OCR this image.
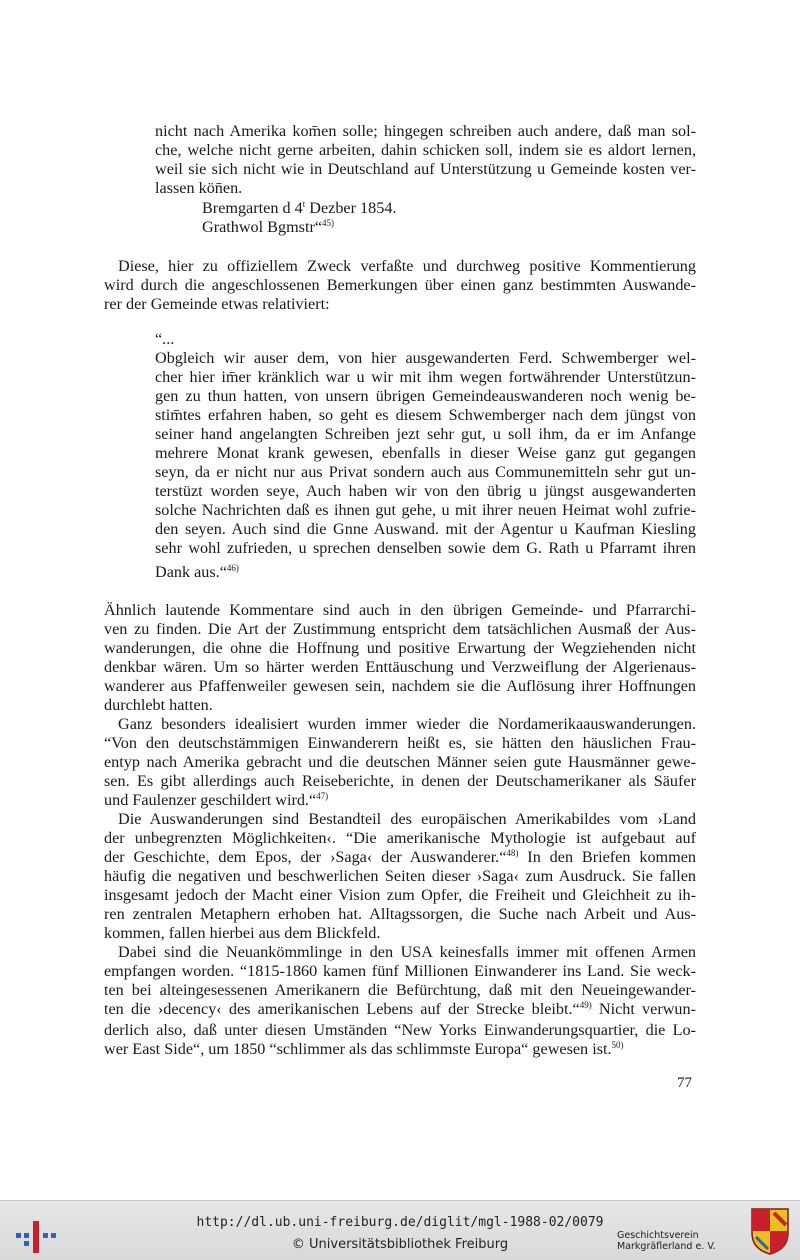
nicht nach Amerika kom̄en solle; hingegen schreiben auch andere, daß man sol-
che, welche nicht gerne arbeiten, dahin schicken soll, indem sie es aldort lernen,
weil sie sich nicht wie in Deutschland auf Unterstützung u Gemeinde kosten ver-
lassen kön̄en.

Bremgarten d 4$^t$ Dezber 1854.

Grathwol Bgmstr“$^{45)}$

Diese, hier zu offiziellem Zweck verfaßte und durchweg positive Kommentierung
wird durch die angeschlossenen Bemerkungen über einen ganz bestimmten Auswande-
rer der Gemeinde etwas relativiert:

“...

Obgleich wir auser dem, von hier ausgewanderten Ferd. Schwemberger wel-
cher hier im̄er kränklich war u wir mit ihm wegen fortwährender Unterstützun-
gen zu thun hatten, von unsern übrigen Gemeindeauswanderen noch wenig be-
stim̄tes erfahren haben, so geht es diesem Schwemberger nach dem jüngst von
seiner hand angelangten Schreiben jezt sehr gut, u soll ihm, da er im Anfange
mehrere Monat krank gewesen, ebenfalls in dieser Weise ganz gut gegangen
seyn, da er nicht nur aus Privat sondern auch aus Communemitteln sehr gut un-
terstüzt worden seye, Auch haben wir von den übrig u jüngst ausgewanderten
solche Nachrichten daß es ihnen gut gehe, u mit ihrer neuen Heimat wohl zufrie-
den seyen. Auch sind die Gnne Auswand. mit der Agentur u Kaufman Kiesling
sehr wohl zufrieden, u sprechen denselben sowie dem G. Rath u Pfarramt ihren

Dank aus.“$^{46)}$

Ähnlich lautende Kommentare sind auch in den übrigen Gemeinde- und Pfarrarchi-
ven zu finden. Die Art der Zustimmung entspricht dem tatsächlichen Ausmaß der Aus-
wanderungen, die ohne die Hoffnung und positive Erwartung der Wegziehenden nicht
denkbar wären. Um so härter werden Enttäuschung und Verzweiflung der Algerienaus-
wanderer aus Pfaffenweiler gewesen sein, nachdem sie die Auflösung ihrer Hoffnungen
durchlebt hatten.
Ganz besonders idealisiert wurden immer wieder die Nordamerikaauswanderungen.
“Von den deutschstämmigen Einwanderern heißt es, sie hätten den häuslichen Frau-
entyp nach Amerika gebracht und die deutschen Männer seien gute Hausmänner gewe-
sen. Es gibt allerdings auch Reiseberichte, in denen der Deutschamerikaner als Säufer

und Faulenzer geschildert wird.“$^{47)}$

Die Auswanderungen sind Bestandteil des europäischen Amerikabildes vom ›Land
der unbegrenzten Möglichkeiten‹. “Die amerikanische Mythologie ist aufgebaut auf
der Geschichte, dem Epos, der ›Saga‹ der Auswanderer.“$^{48)}$ In den Briefen kommen
häufig die negativen und beschwerlichen Seiten dieser ›Saga‹ zum Ausdruck. Sie fallen
insgesamt jedoch der Macht einer Vision zum Opfer, die Freiheit und Gleichheit zu ih-
ren zentralen Metaphern erhoben hat. Alltagssorgen, die Suche nach Arbeit und Aus-
kommen, fallen hierbei aus dem Blickfeld.
Dabei sind die Neuankömmlinge in den USA keinesfalls immer mit offenen Armen
empfangen worden. “1815-1860 kamen fünf Millionen Einwanderer ins Land. Sie weck-
ten bei alteingesessenen Amerikanern die Befürchtung, daß mit den Neueingewander-
ten die ›decency‹ des amerikanischen Lebens auf der Strecke bleibt.“$^{49)}$ Nicht verwun-
derlich also, daß unter diesen Umständen “New Yorks Einwanderungsquartier, die Lo-
wer East Side“, um 1850 “schlimmer als das schlimmste Europa“ gewesen ist.$^{50)}$
77
http://dl.ub.uni-freiburg.de/diglit/mgl-1988-02/0079
© Universitätsbibliothek Freiburg
Geschichtsverein
Markgräflerland e. V.
